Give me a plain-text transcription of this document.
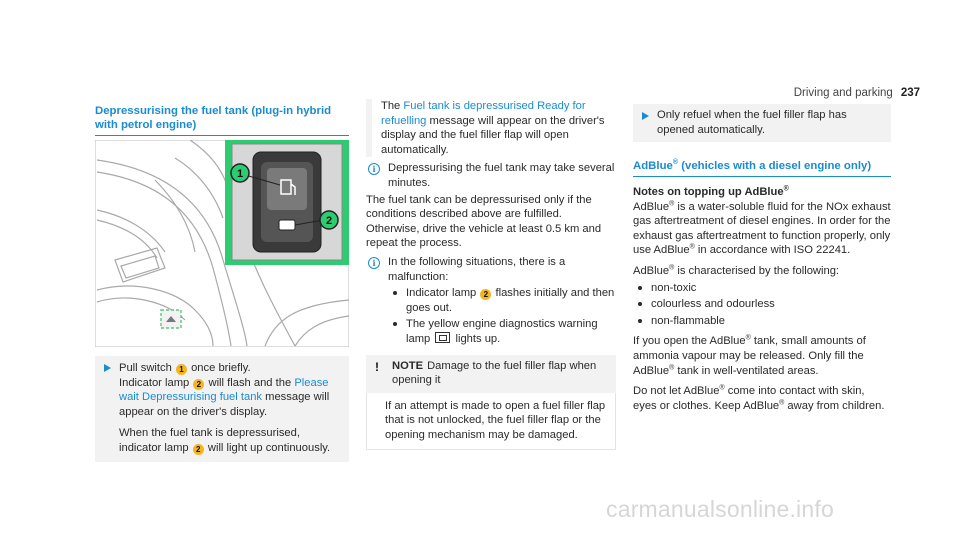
Driving and parking 237
Depressurising the fuel tank (plug-in hybrid with petrol engine)
1
2

Pull switch 1 once briefly.
Indicator lamp 2 will flash and the Please wait Depressurising fuel tank message will appear on the driver's display.

When the fuel tank is depressurised, indicator lamp 2 will light up continuously.

The Fuel tank is depressurised Ready for refuelling message will appear on the driver's display and the fuel filler flap will open automatically.
i	Depressurising the fuel tank may take several minutes.
The fuel tank can be depressurised only if the conditions described above are fulfilled. Otherwise, drive the vehicle at least 0.5 km and repeat the process.
i	In the following situations, there is a malfunction:
Indicator lamp 2 flashes initially and then goes out.
The yellow engine diagnostics warning lamp  lights up.
! NOTE Damage to the fuel filler flap when opening it
If an attempt is made to open a fuel filler flap that is not unlocked, the fuel filler flap or the opening mechanism may be damaged.

Only refuel when the fuel filler flap has opened automatically.

AdBlue® (vehicles with a diesel engine only)
Notes on topping up AdBlue®

AdBlue® is a water-soluble fluid for the NOx exhaust gas aftertreatment of diesel engines. In order for the exhaust gas aftertreatment to function properly, only use AdBlue® in accordance with ISO 22241.

AdBlue® is characterised by the following:

non-toxic
colourless and odourless
non-flammable

If you open the AdBlue® tank, small amounts of ammonia vapour may be released. Only fill the AdBlue® tank in well-ventilated areas.

Do not let AdBlue® come into contact with skin, eyes or clothes. Keep AdBlue® away from children.

carmanualsonline.info
